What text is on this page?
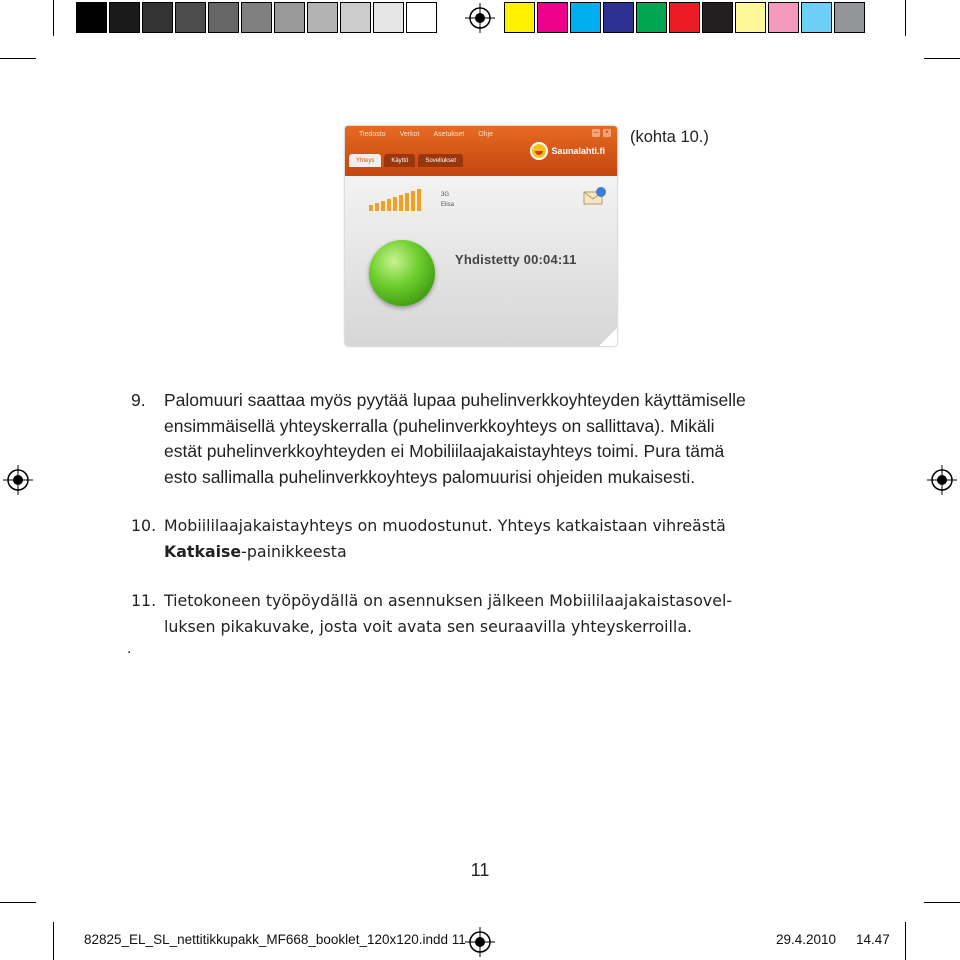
Tiedosto Verkot Asetukset Ohje	–	×
Yhteys	Käyttö	Sovellukset
Saunalahti.fi
3G
Elisa
Yhdistetty 00:04:11
(kohta 10.)
9. Palomuuri saattaa myös pyytää lupaa puhelinverkkoyhteyden käyttämiselle
ensimmäisellä yhteyskerralla (puhelinverkkoyhteys on sallittava). Mikäli
estät puhelinverkkoyhteyden ei Mobiliilaajakaistayhteys toimi. Pura tämä
esto sallimalla puhelinverkkoyhteys palomuurisi ohjeiden mukaisesti.
10. Mobiililaajakaistayhteys on muodostunut. Yhteys katkaistaan vihreästä
Katkaise-painikkeesta
11. Tietokoneen työpöydällä on asennuksen jälkeen Mobiililaajakaistasovel-
luksen pikakuvake, josta voit avata sen seuraavilla yhteyskerroilla.
.
11
82825_EL_SL_nettitikkupakk_MF668_booklet_120x120.indd 11	29.4.2010 14.47
